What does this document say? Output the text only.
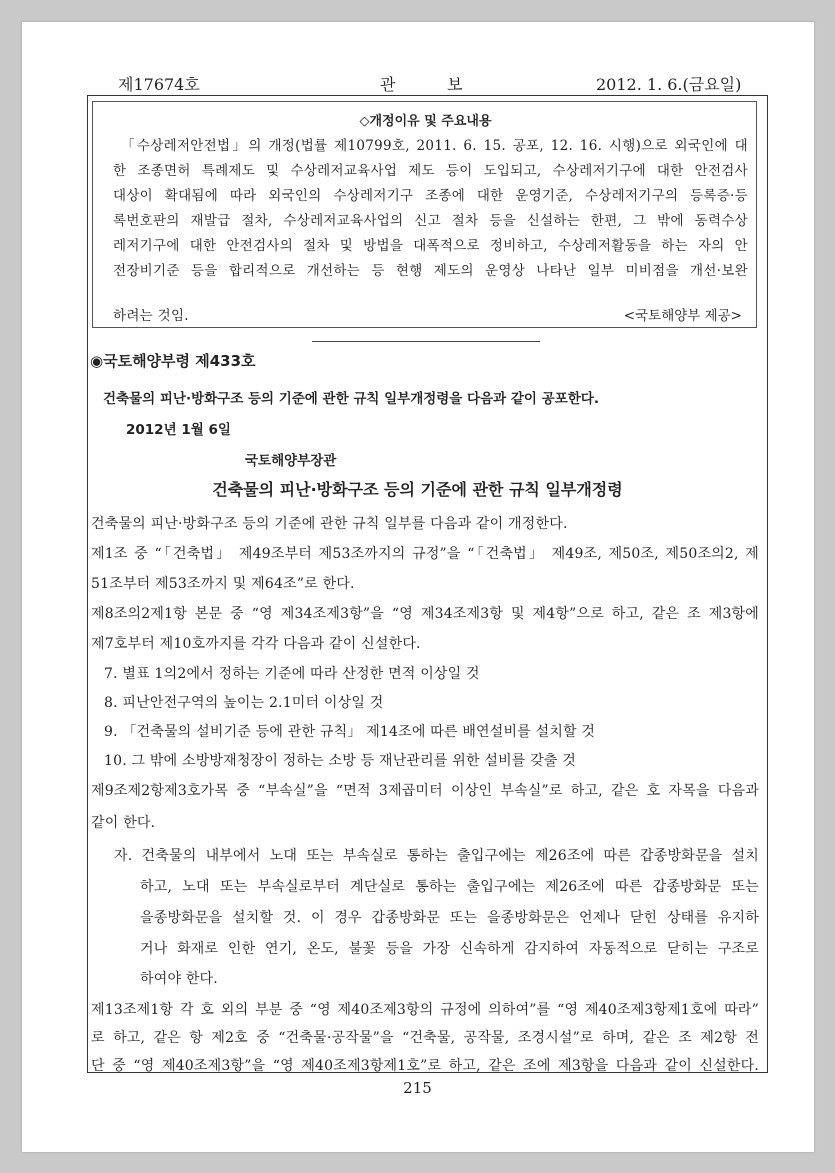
제17674호	관	보	2012. 1. 6.(금요일)
◇개정이유 및 주요내용
「수상레저안전법」의 개정(법률 제10799호, 2011. 6. 15. 공포, 12. 16. 시행)으로 외국인에 대
한 조종면허 특례제도 및 수상레저교육사업 제도 등이 도입되고, 수상레저기구에 대한 안전검사
대상이 확대됨에 따라 외국인의 수상레저기구 조종에 대한 운영기준, 수상레저기구의 등록증·등
록번호판의 재발급 절차, 수상레저교육사업의 신고 절차 등을 신설하는 한편, 그 밖에 동력수상
레저기구에 대한 안전검사의 절차 및 방법을 대폭적으로 정비하고, 수상레저활동을 하는 자의 안
전장비기준 등을 합리적으로 개선하는 등 현행 제도의 운영상 나타난 일부 미비점을 개선·보완
하려는 것임.	<국토해양부 제공>
◉국토해양부령 제433호
건축물의 피난·방화구조 등의 기준에 관한 규칙 일부개정령을 다음과 같이 공포한다.
2012년 1월 6일
국토해양부장관
건축물의 피난·방화구조 등의 기준에 관한 규칙 일부개정령
건축물의 피난·방화구조 등의 기준에 관한 규칙 일부를 다음과 같이 개정한다.
제1조 중 “「건축법」 제49조부터 제53조까지의 규정”을 “「건축법」 제49조, 제50조, 제50조의2, 제
51조부터 제53조까지 및 제64조”로 한다.
제8조의2제1항 본문 중 “영 제34조제3항”을 “영 제34조제3항 및 제4항”으로 하고, 같은 조 제3항에
제7호부터 제10호까지를 각각 다음과 같이 신설한다.
7. 별표 1의2에서 정하는 기준에 따라 산정한 면적 이상일 것
8. 피난안전구역의 높이는 2.1미터 이상일 것
9. 「건축물의 설비기준 등에 관한 규칙」 제14조에 따른 배연설비를 설치할 것
10. 그 밖에 소방방재청장이 정하는 소방 등 재난관리를 위한 설비를 갖출 것
제9조제2항제3호가목 중 “부속실”을 “면적 3제곱미터 이상인 부속실”로 하고, 같은 호 자목을 다음과
같이 한다.
자. 건축물의 내부에서 노대 또는 부속실로 통하는 출입구에는 제26조에 따른 갑종방화문을 설치
하고, 노대 또는 부속실로부터 계단실로 통하는 출입구에는 제26조에 따른 갑종방화문 또는
을종방화문을 설치할 것. 이 경우 갑종방화문 또는 을종방화문은 언제나 닫힌 상태를 유지하
거나 화재로 인한 연기, 온도, 불꽃 등을 가장 신속하게 감지하여 자동적으로 닫히는 구조로
하여야 한다.
제13조제1항 각 호 외의 부분 중 “영 제40조제3항의 규정에 의하여”를 “영 제40조제3항제1호에 따라”
로 하고, 같은 항 제2호 중 “건축물·공작물”을 “건축물, 공작물, 조경시설”로 하며, 같은 조 제2항 전
단 중 “영 제40조제3항”을 “영 제40조제3항제1호”로 하고, 같은 조에 제3항을 다음과 같이 신설한다.
215
